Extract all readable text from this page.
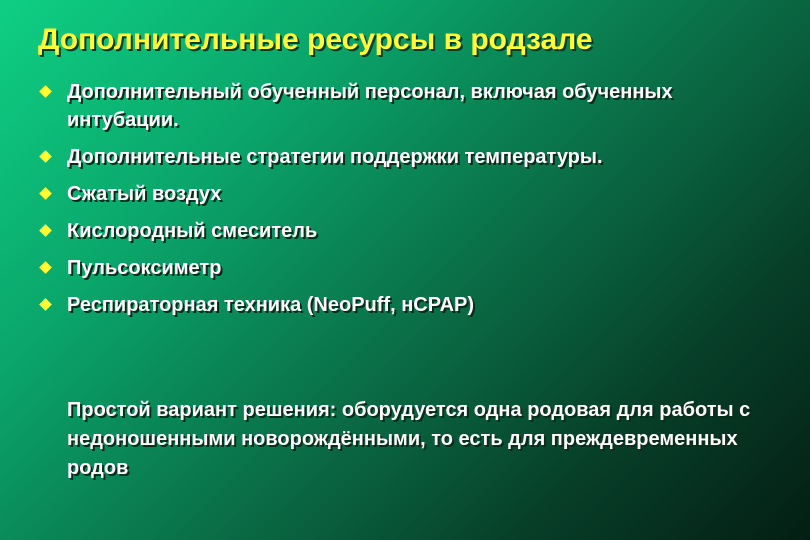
Дополнительные ресурсы в родзале
Дополнительный обученный персонал, включая обученных интубации.
Дополнительные стратегии поддержки температуры.
Сжатый воздух
Кислородный смеситель
Пульсоксиметр
Респираторная техника (NeoPuff, нCPAP)

Простой вариант решения: оборудуется одна родовая для работы с недоношенными новорождёнными, то есть для преждевременных родов
